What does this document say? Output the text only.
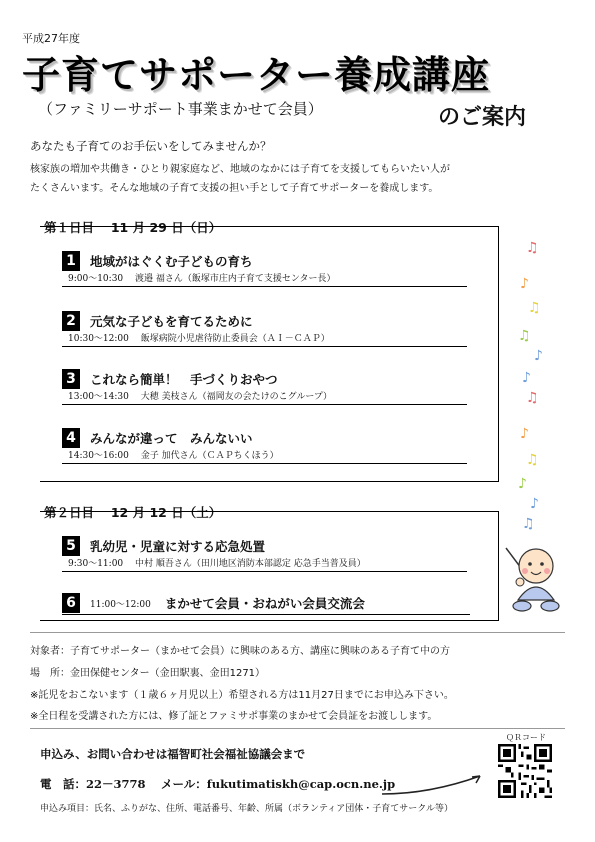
平成27年度
子育てサポーター養成講座
（ファミリーサポート事業まかせて会員）	のご案内
あなたも子育てのお手伝いをしてみませんか？
核家族の増加や共働き・ひとり親家庭など、地域のなかには子育てを支援してもらいたい人が
たくさんいます。そんな地域の子育て支援の担い手として子育てサポーターを養成します。
第１日目　 11 月 29 日（日）
1	地域がはぐくむ子どもの育ち
9:00～10:30　 渡邉 福さん（飯塚市庄内子育て支援センター長）
2	元気な子どもを育てるために
10:30～12:00　 飯塚病院小児虐待防止委員会（ＡＩ－ＣＡＰ）
3	これなら簡単！　手づくりおやつ
13:00～14:30　 大穂 美枝さん（福岡友の会たけのこグループ）
4	みんなが違って　みんないい
14:30～16:00　 金子 加代さん（ＣＡＰちくほう）
第２日目　 12 月 12 日（土）
5	乳幼児・児童に対する応急処置
9:30～11:00　 中村 順吾さん（田川地区消防本部認定 応急手当普及員）
6	11:00～12:00 まかせて会員・おねがい会員交流会
♫
♪
♫
♫
♪
♪
♫
♪
♫
♪
♪
♫
対象者：子育てサポーター（まかせて会員）に興味のある方、講座に興味のある子育て中の方
場　所：金田保健センター（金田駅裏、金田1271）
※託児をおこないます（１歳６ヶ月児以上）希望される方は11月27日までにお申込み下さい。
※全日程を受講された方には、修了証とファミサポ事業のまかせて会員証をお渡しします。
申込み、お問い合わせは福智町社会福祉協議会まで
電　話：22－3778　 メール：fukutimatiskh@cap.ocn.ne.jp
申込み項目：氏名、ふりがな、住所、電話番号、年齢、所属（ボランティア団体・子育てサークル等）
ＱＲコード
